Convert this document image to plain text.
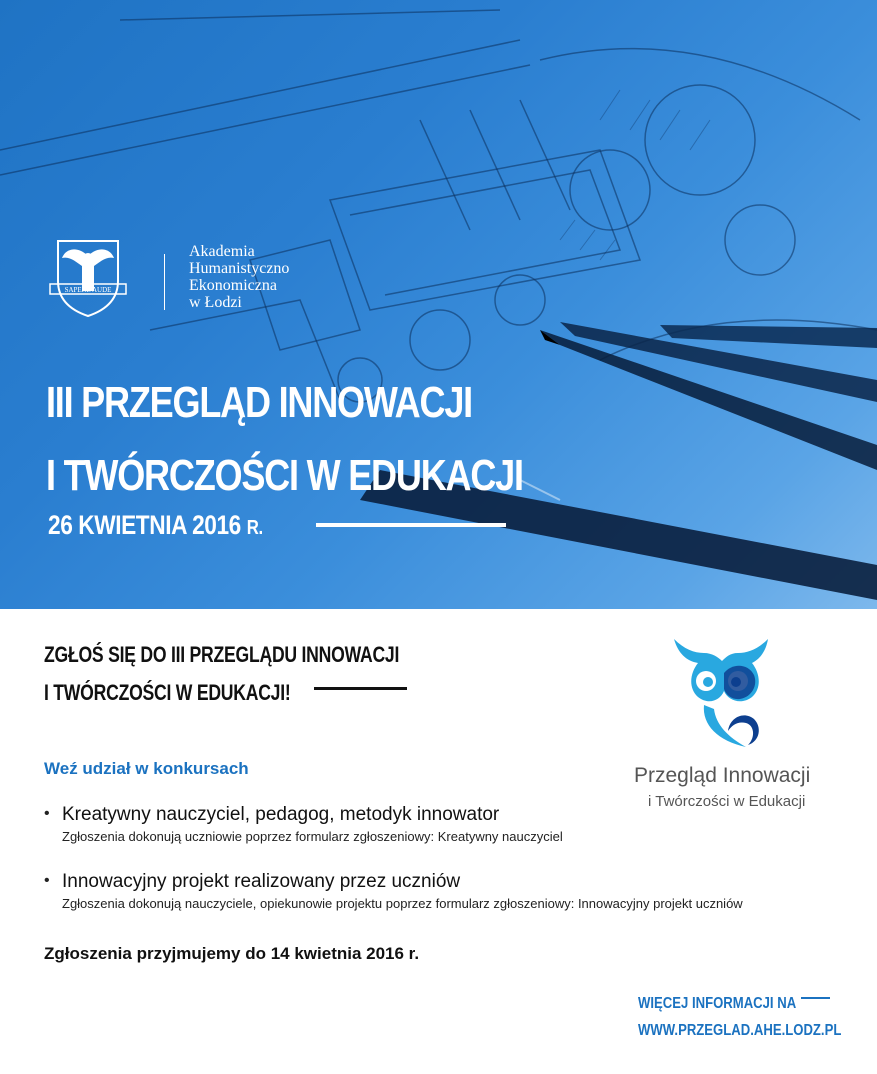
SAPERE AUDE
Akademia
Humanistyczno
Ekonomiczna
w Łodzi
III PRZEGLĄD INNOWACJI
I TWÓRCZOŚCI W EDUKACJI
26 KWIETNIA 2016 R.
ZGŁOŚ SIĘ DO III PRZEGLĄDU INNOWACJI
I TWÓRCZOŚCI W EDUKACJI!
Weź udział w konkursach
• Kreatywny nauczyciel, pedagog, metodyk innowator
Zgłoszenia dokonują uczniowie poprzez formularz zgłoszeniowy: Kreatywny nauczyciel
• Innowacyjny projekt realizowany przez uczniów
Zgłoszenia dokonują nauczyciele, opiekunowie projektu poprzez formularz zgłoszeniowy: Innowacyjny projekt uczniów
Zgłoszenia przyjmujemy do 14 kwietnia 2016 r.
Przegląd Innowacji
i Twórczości w Edukacji
WIĘCEJ INFORMACJI NA
WWW.PRZEGLAD.AHE.LODZ.PL
